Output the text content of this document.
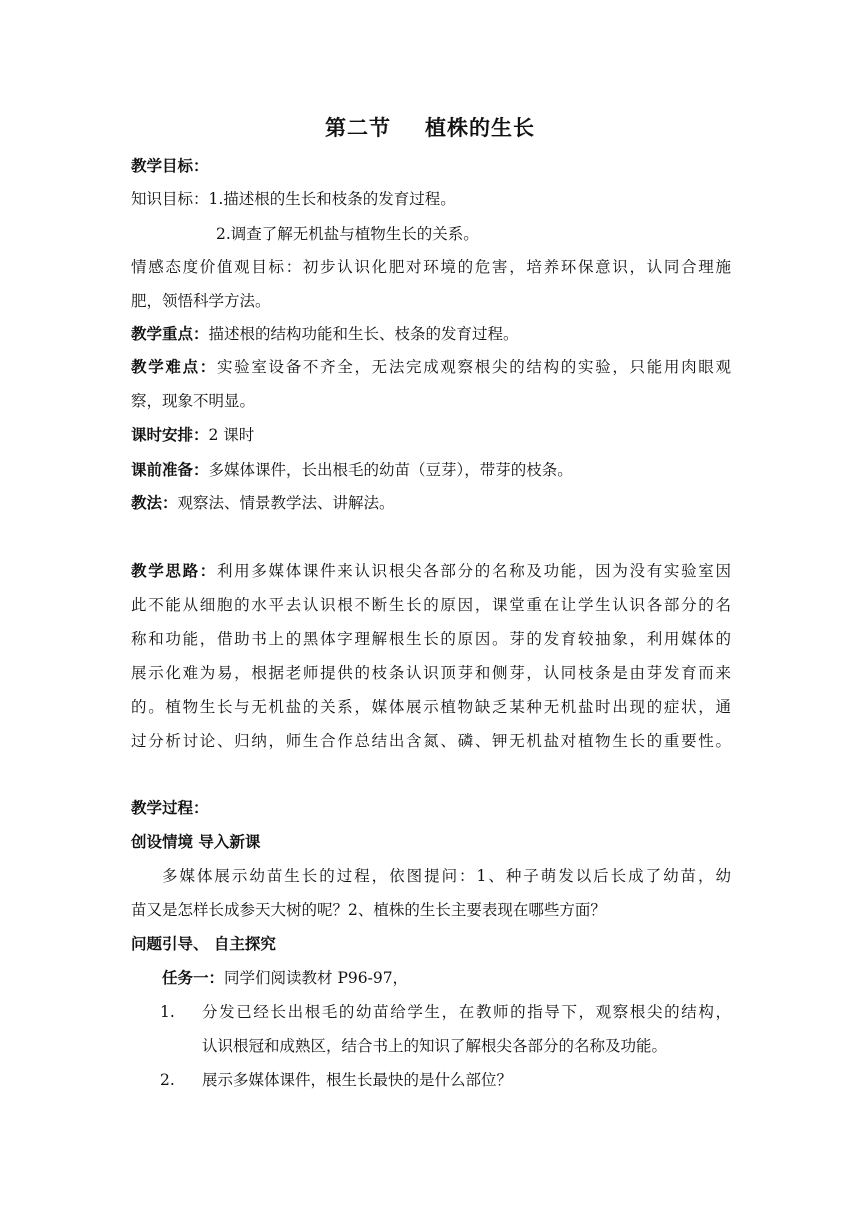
第二节 植株的生长
教学目标：
知识目标：1.描述根的生长和枝条的发育过程。
2.调查了解无机盐与植物生长的关系。
情感态度价值观目标：初步认识化肥对环境的危害，培养环保意识，认同合理施
肥，领悟科学方法。
教学重点：描述根的结构功能和生长、枝条的发育过程。
教学难点：实验室设备不齐全，无法完成观察根尖的结构的实验，只能用肉眼观
察，现象不明显。
课时安排：2 课时
课前准备：多媒体课件，长出根毛的幼苗（豆芽），带芽的枝条。
教法：观察法、情景教学法、讲解法。
教学思路：利用多媒体课件来认识根尖各部分的名称及功能，因为没有实验室因
此不能从细胞的水平去认识根不断生长的原因，课堂重在让学生认识各部分的名
称和功能，借助书上的黑体字理解根生长的原因。芽的发育较抽象，利用媒体的
展示化难为易，根据老师提供的枝条认识顶芽和侧芽，认同枝条是由芽发育而来
的。植物生长与无机盐的关系，媒体展示植物缺乏某种无机盐时出现的症状，通
过分析讨论、归纳，师生合作总结出含氮、磷、钾无机盐对植物生长的重要性。
教学过程：
创设情境 导入新课
多媒体展示幼苗生长的过程，依图提问：1、种子萌发以后长成了幼苗，幼
苗又是怎样长成参天大树的呢？2、植株的生长主要表现在哪些方面？
问题引导、 自主探究
任务一：同学们阅读教材 P96-97，
1. 分发已经长出根毛的幼苗给学生，在教师的指导下，观察根尖的结构，
认识根冠和成熟区，结合书上的知识了解根尖各部分的名称及功能。
2. 展示多媒体课件，根生长最快的是什么部位？
